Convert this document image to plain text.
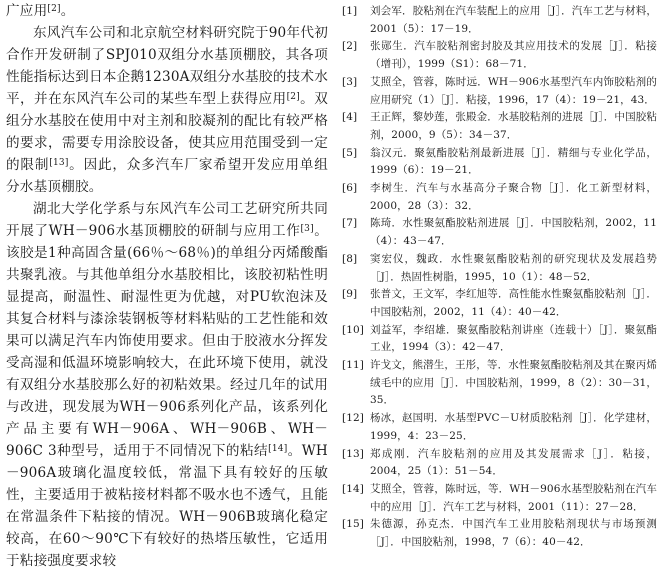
广应用[2]。

东风汽车公司和北京航空材料研究院于90年代初合作开发研制了SPJ010双组分水基顶棚胶，其各项性能指标达到日本企鹅1230A双组分水基胶的技术水平，并在东风汽车公司的某些车型上获得应用[2]。双组分水基胶在使用中对主剂和胶凝剂的配比有较严格的要求，需要专用涂胶设备，使其应用范围受到一定的限制[13]。因此，众多汽车厂家希望开发应用单组分水基顶棚胶。

湖北大学化学系与东风汽车公司工艺研究所共同开展了WH－906水基顶棚胶的研制与应用工作[3]。该胶是1种高固含量(66％～68％)的单组分丙烯酸酯共聚乳液。与其他单组分水基胶相比，该胶初粘性明显提高，耐温性、耐湿性更为优越，对PU软泡沫及其复合材料与漆涂装钢板等材料粘贴的工艺性能和效果可以满足汽车内饰使用要求。但由于胶液水分挥发受高湿和低温环境影响较大，在此环境下使用，就没有双组分水基胶那么好的初粘效果。经过几年的试用与改进，现发展为WH－906系列化产品，该系列化产品主要有WH－906A、WH－906B、WH－906C 3种型号，适用于不同情况下的粘结[14]。WH－906A玻璃化温度较低，常温下具有较好的压敏性，主要适用于被粘接材料都不吸水也不透气，且能在常温条件下粘接的情况。WH－906B玻璃化稳定较高，在60～90℃下有较好的热塔压敏性，它适用于粘接强度要求较

[1]	刘会军．胶粘剂在汽车装配上的应用［J］．汽车工艺与材料，2001（5）：17－19．
[2]	张郧生．汽车胶粘剂密封胶及其应用技术的发展［J］．粘接（增刊），1999（S1）：68－71．
[3]	艾照全，管蓉，陈时远．WH－906水基型汽车内饰胶粘剂的应用研究（1）［J］．粘接，1996，17（4）：19－21，43．
[4]	王正辉，黎妙莲，张殿金．水基胶粘剂的进展［J］．中国胶粘剂，2000，9（5）：34－37．
[5]	翁汉元．聚氨酯胶粘剂最新进展［J］．精细与专业化学品，1999（6）：19－21．
[6]	李树生．汽车与水基高分子聚合物［J］．化工新型材料，2000，28（3）：32．
[7]	陈琦．水性聚氨酯胶粘剂进展［J］．中国胶粘剂，2002，11（4）：43－47．
[8]	窦宏仪，魏政．水性聚氨酯胶粘剂的研究现状及发展趋势［J］．热固性树脂，1995，10（1）：48－52．
[9]	张普文，王文军，李红旭等．高性能水性聚氨酯胶粘剂［J］．中国胶粘剂，2002，11（4）：40－42．
[10] 刘益军，李绍雄．聚氨酯胶粘剂讲座（连载十）［J］．聚氨酯工业，1994（3）：42－47．
[11] 许戈文，熊潜生，王彤，等．水性聚氨酯胶粘剂及其在聚丙烯绒毛中的应用［J］．中国胶粘剂，1999，8（2）：30－31，35．
[12] 杨冰，赵国明．水基型PVC－U材质胶粘剂［J］．化学建材，1999，4：23－25．
[13] 郑成刚．汽车胶粘剂的应用及其发展需求［J］．粘接，2004，25（1）：51－54．
[14] 艾照全，管蓉，陈时远，等．WH－906水基型胶粘剂在汽车中的应用［J］．汽车工艺与材料，2001（11）：27－28．
[15] 朱德源，孙克杰．中国汽车工业用胶粘剂现状与市场预测［J］．中国胶粘剂，1998，7（6）：40－42．
